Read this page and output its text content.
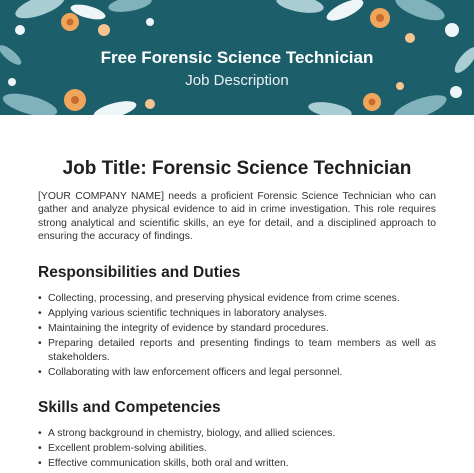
Free Forensic Science Technician
Job Description
Job Title: Forensic Science Technician

[YOUR COMPANY NAME] needs a proficient Forensic Science Technician who can gather and analyze physical evidence to aid in crime investigation. This role requires strong analytical and scientific skills, an eye for detail, and a disciplined approach to ensuring the accuracy of findings.

Responsibilities and Duties
• Collecting, processing, and preserving physical evidence from crime scenes.
• Applying various scientific techniques in laboratory analyses.
• Maintaining the integrity of evidence by standard procedures.
• Preparing detailed reports and presenting findings to team members as well as stakeholders.
• Collaborating with law enforcement officers and legal personnel.
Skills and Competencies
• A strong background in chemistry, biology, and allied sciences.
• Excellent problem-solving abilities.
• Effective communication skills, both oral and written.
